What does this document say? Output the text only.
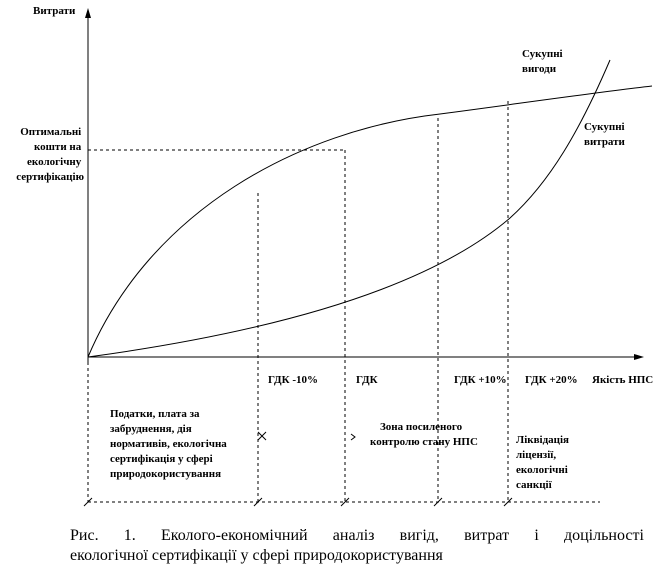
Витрати
Сукупні вигоди
Сукупні витрати
Оптимальні кошти на екологічну сертифікацію
ГДК -10%	ГДК	ГДК +10% ГДК +20% Якість НПС
Податки, плата за забруднення, дія нормативів, екологічна сертифікація у сфері природокористування
Зона посиленого контролю стану НПС	Ліквідація ліцензії, екологічні санкції
Рис. 1. Еколого-економічний аналіз вигід, витрат і доцільності
екологічної сертифікації у сфері природокористування
